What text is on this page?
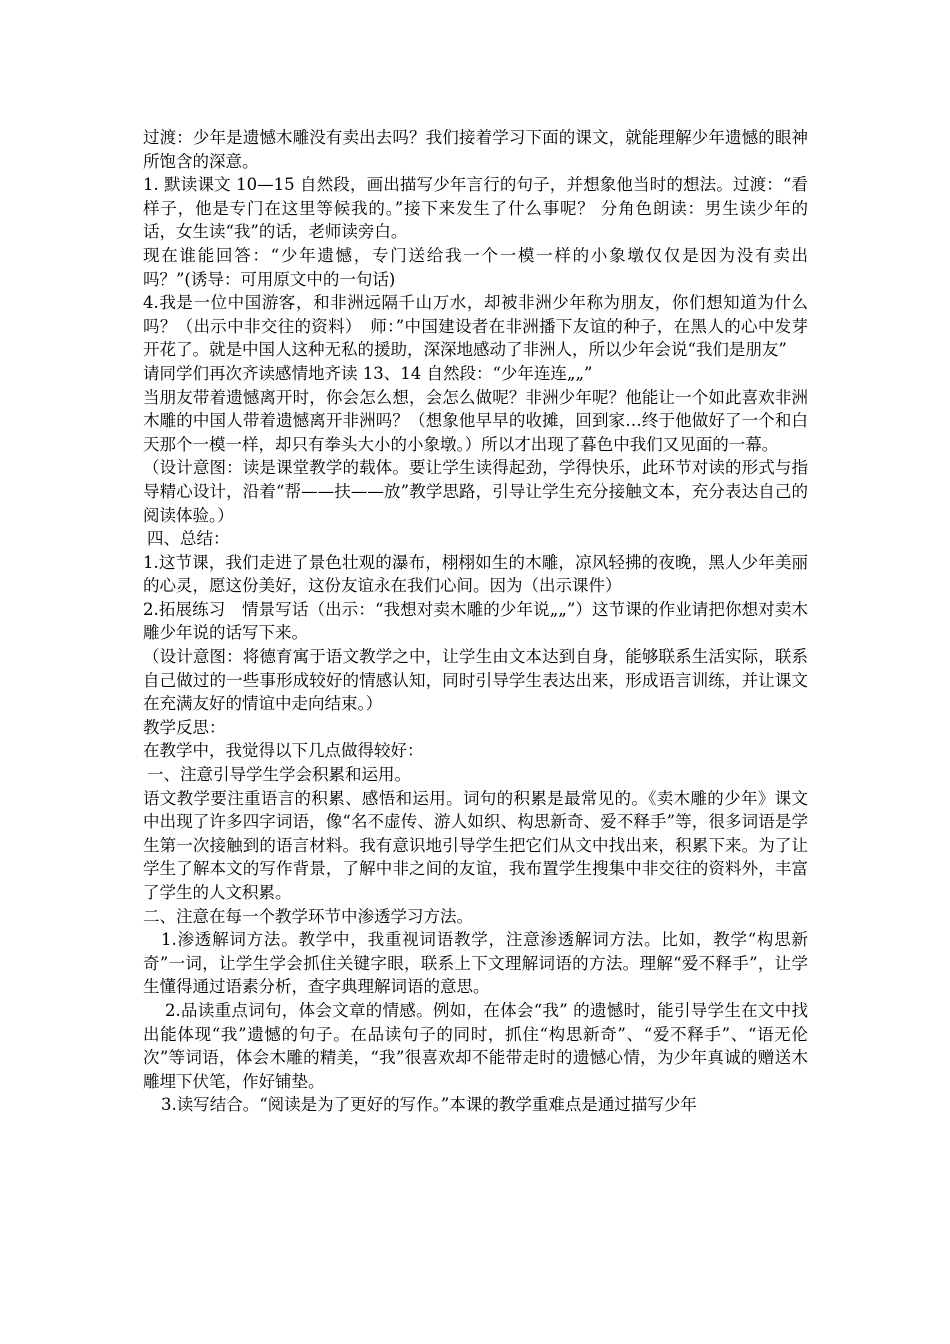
过渡：少年是遗憾木雕没有卖出去吗？我们接着学习下面的课文，就能理解少年遗憾的眼神所饱含的深意。

1. 默读课文 10—15 自然段，画出描写少年言行的句子，并想象他当时的想法。过渡：“看样子，他是专门在这里等候我的。”接下来发生了什么事呢？ 分角色朗读：男生读少年的话，女生读“我”的话，老师读旁白。

现在谁能回答：“少年遗憾，专门送给我一个一模一样的小象墩仅仅是因为没有卖出吗？”(诱导：可用原文中的一句话)

4.我是一位中国游客，和非洲远隔千山万水，却被非洲少年称为朋友，你们想知道为什么吗？（出示中非交往的资料）　师：”中国建设者在非洲播下友谊的种子，在黑人的心中发芽开花了。就是中国人这种无私的援助，深深地感动了非洲人，所以少年会说“我们是朋友”

请同学们再次齐读感情地齐读 13、14 自然段：“少年连连„„”

当朋友带着遗憾离开时，你会怎么想，会怎么做呢？非洲少年呢？他能让一个如此喜欢非洲木雕的中国人带着遗憾离开非洲吗？（想象他早早的收摊，回到家…终于他做好了一个和白天那个一模一样，却只有拳头大小的小象墩。）所以才出现了暮色中我们又见面的一幕。

（设计意图：读是课堂教学的载体。要让学生读得起劲，学得快乐，此环节对读的形式与指导精心设计，沿着“帮——扶——放”教学思路，引导让学生充分接触文本，充分表达自己的阅读体验。）

四、总结：

1.这节课，我们走进了景色壮观的瀑布，栩栩如生的木雕，凉风轻拂的夜晚，黑人少年美丽的心灵，愿这份美好，这份友谊永在我们心间。因为（出示课件）

2.拓展练习　情景写话（出示：“我想对卖木雕的少年说„„”）这节课的作业请把你想对卖木雕少年说的话写下来。

（设计意图：将德育寓于语文教学之中，让学生由文本达到自身，能够联系生活实际，联系自己做过的一些事形成较好的情感认知，同时引导学生表达出来，形成语言训练，并让课文在充满友好的情谊中走向结束。）

教学反思：

在教学中，我觉得以下几点做得较好：

一、注意引导学生学会积累和运用。

语文教学要注重语言的积累、感悟和运用。词句的积累是最常见的。《卖木雕的少年》课文中出现了许多四字词语，像“名不虚传、游人如织、构思新奇、爱不释手”等，很多词语是学生第一次接触到的语言材料。我有意识地引导学生把它们从文中找出来，积累下来。为了让学生了解本文的写作背景，了解中非之间的友谊，我布置学生搜集中非交往的资料外，丰富了学生的人文积累。

二、注意在每一个教学环节中渗透学习方法。

1.渗透解词方法。教学中，我重视词语教学，注意渗透解词方法。比如，教学“构思新奇”一词，让学生学会抓住关键字眼，联系上下文理解词语的方法。理解“爱不释手”，让学生懂得通过语素分析，查字典理解词语的意思。

2.品读重点词句，体会文章的情感。例如，在体会“我” 的遗憾时，能引导学生在文中找出能体现“我”遗憾的句子。在品读句子的同时，抓住“构思新奇”、“爱不释手”、“语无伦次”等词语，体会木雕的精美，“我”很喜欢却不能带走时的遗憾心情，为少年真诚的赠送木雕埋下伏笔，作好铺垫。

3.读写结合。“阅读是为了更好的写作。”本课的教学重难点是通过描写少年
